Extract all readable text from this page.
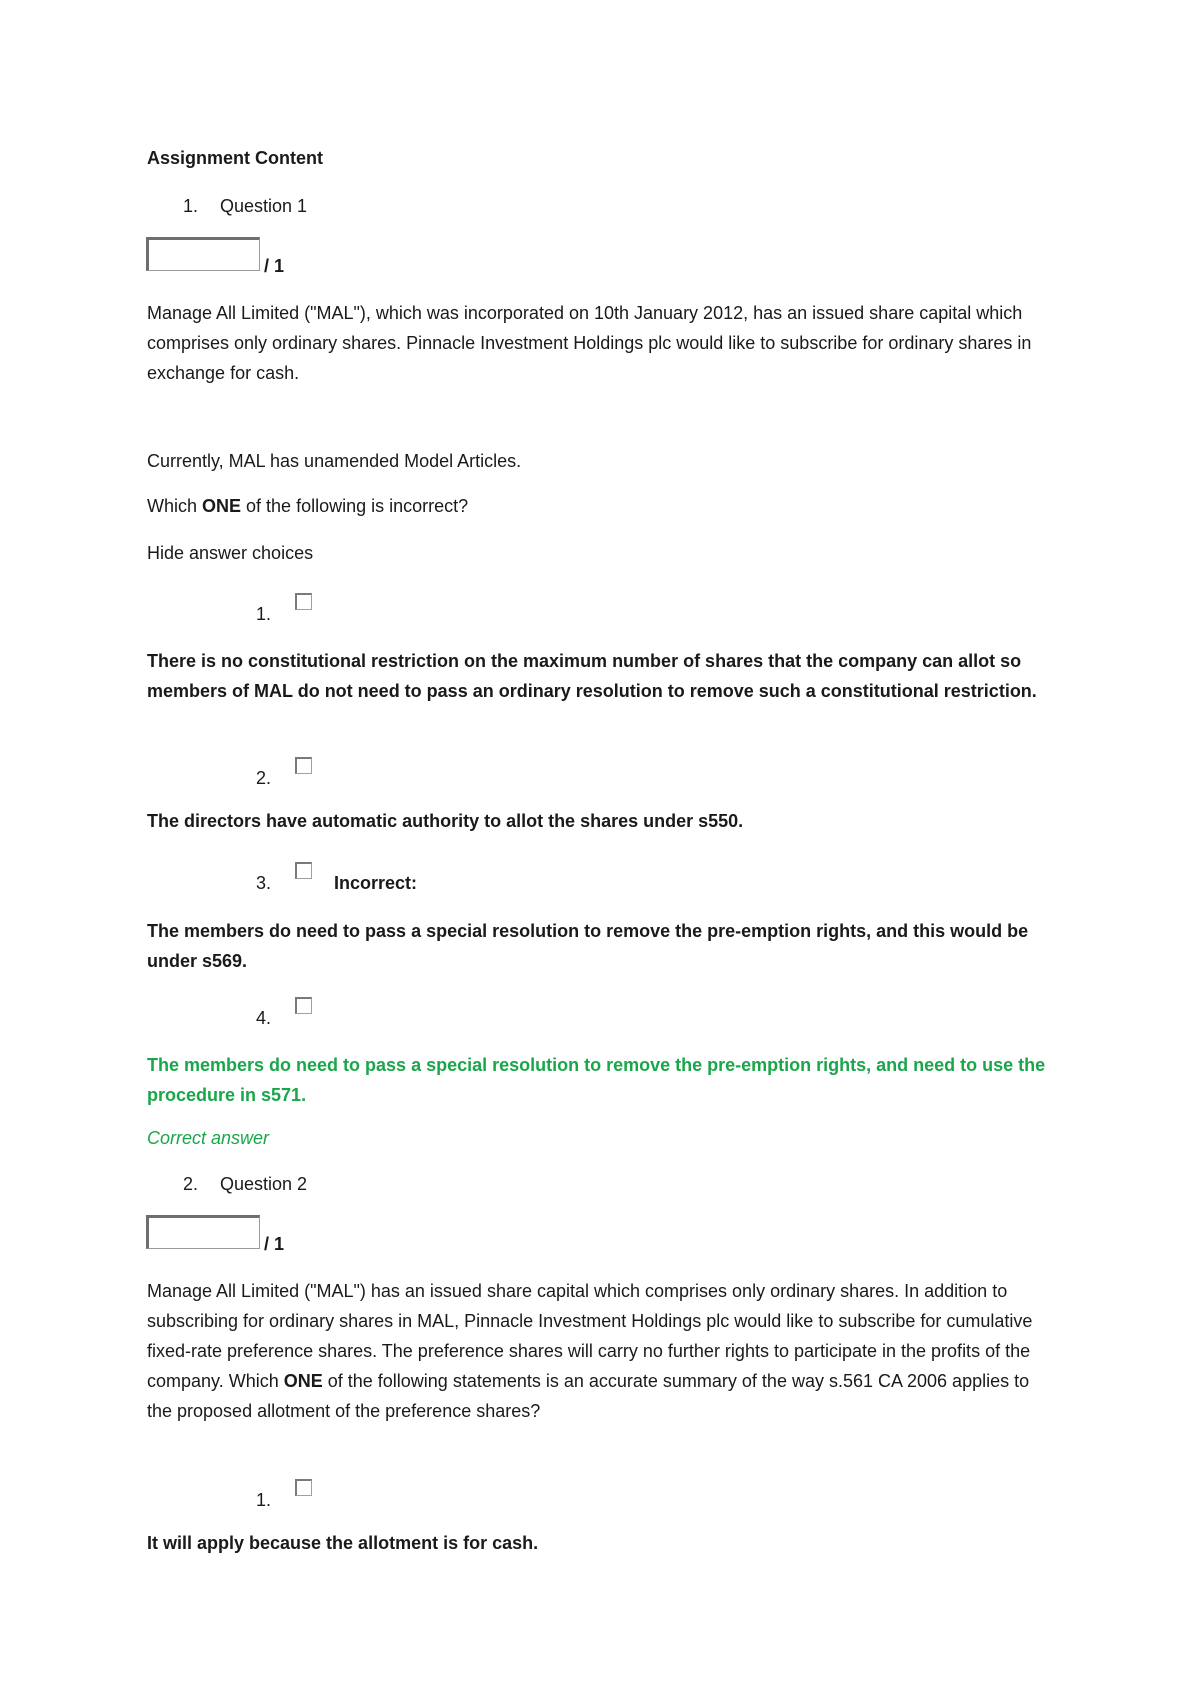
Assignment Content
1. Question 1
/ 1
Manage All Limited ("MAL"), which was incorporated on 10th January 2012, has an issued share capital which comprises only ordinary shares. Pinnacle Investment Holdings plc would like to subscribe for ordinary shares in exchange for cash.
Currently, MAL has unamended Model Articles.
Which ONE of the following is incorrect?
Hide answer choices
1.
There is no constitutional restriction on the maximum number of shares that the company can allot so members of MAL do not need to pass an ordinary resolution to remove such a constitutional restriction.
2.
The directors have automatic authority to allot the shares under s550.
3.	Incorrect:
The members do need to pass a special resolution to remove the pre-emption rights, and this would be under s569.
4.
The members do need to pass a special resolution to remove the pre-emption rights, and need to use the procedure in s571.
Correct answer
2. Question 2
/ 1
Manage All Limited ("MAL") has an issued share capital which comprises only ordinary shares. In addition to subscribing for ordinary shares in MAL, Pinnacle Investment Holdings plc would like to subscribe for cumulative fixed-rate preference shares. The preference shares will carry no further rights to participate in the profits of the company. Which ONE of the following statements is an accurate summary of the way s.561 CA 2006 applies to the proposed allotment of the preference shares?
1.
It will apply because the allotment is for cash.
